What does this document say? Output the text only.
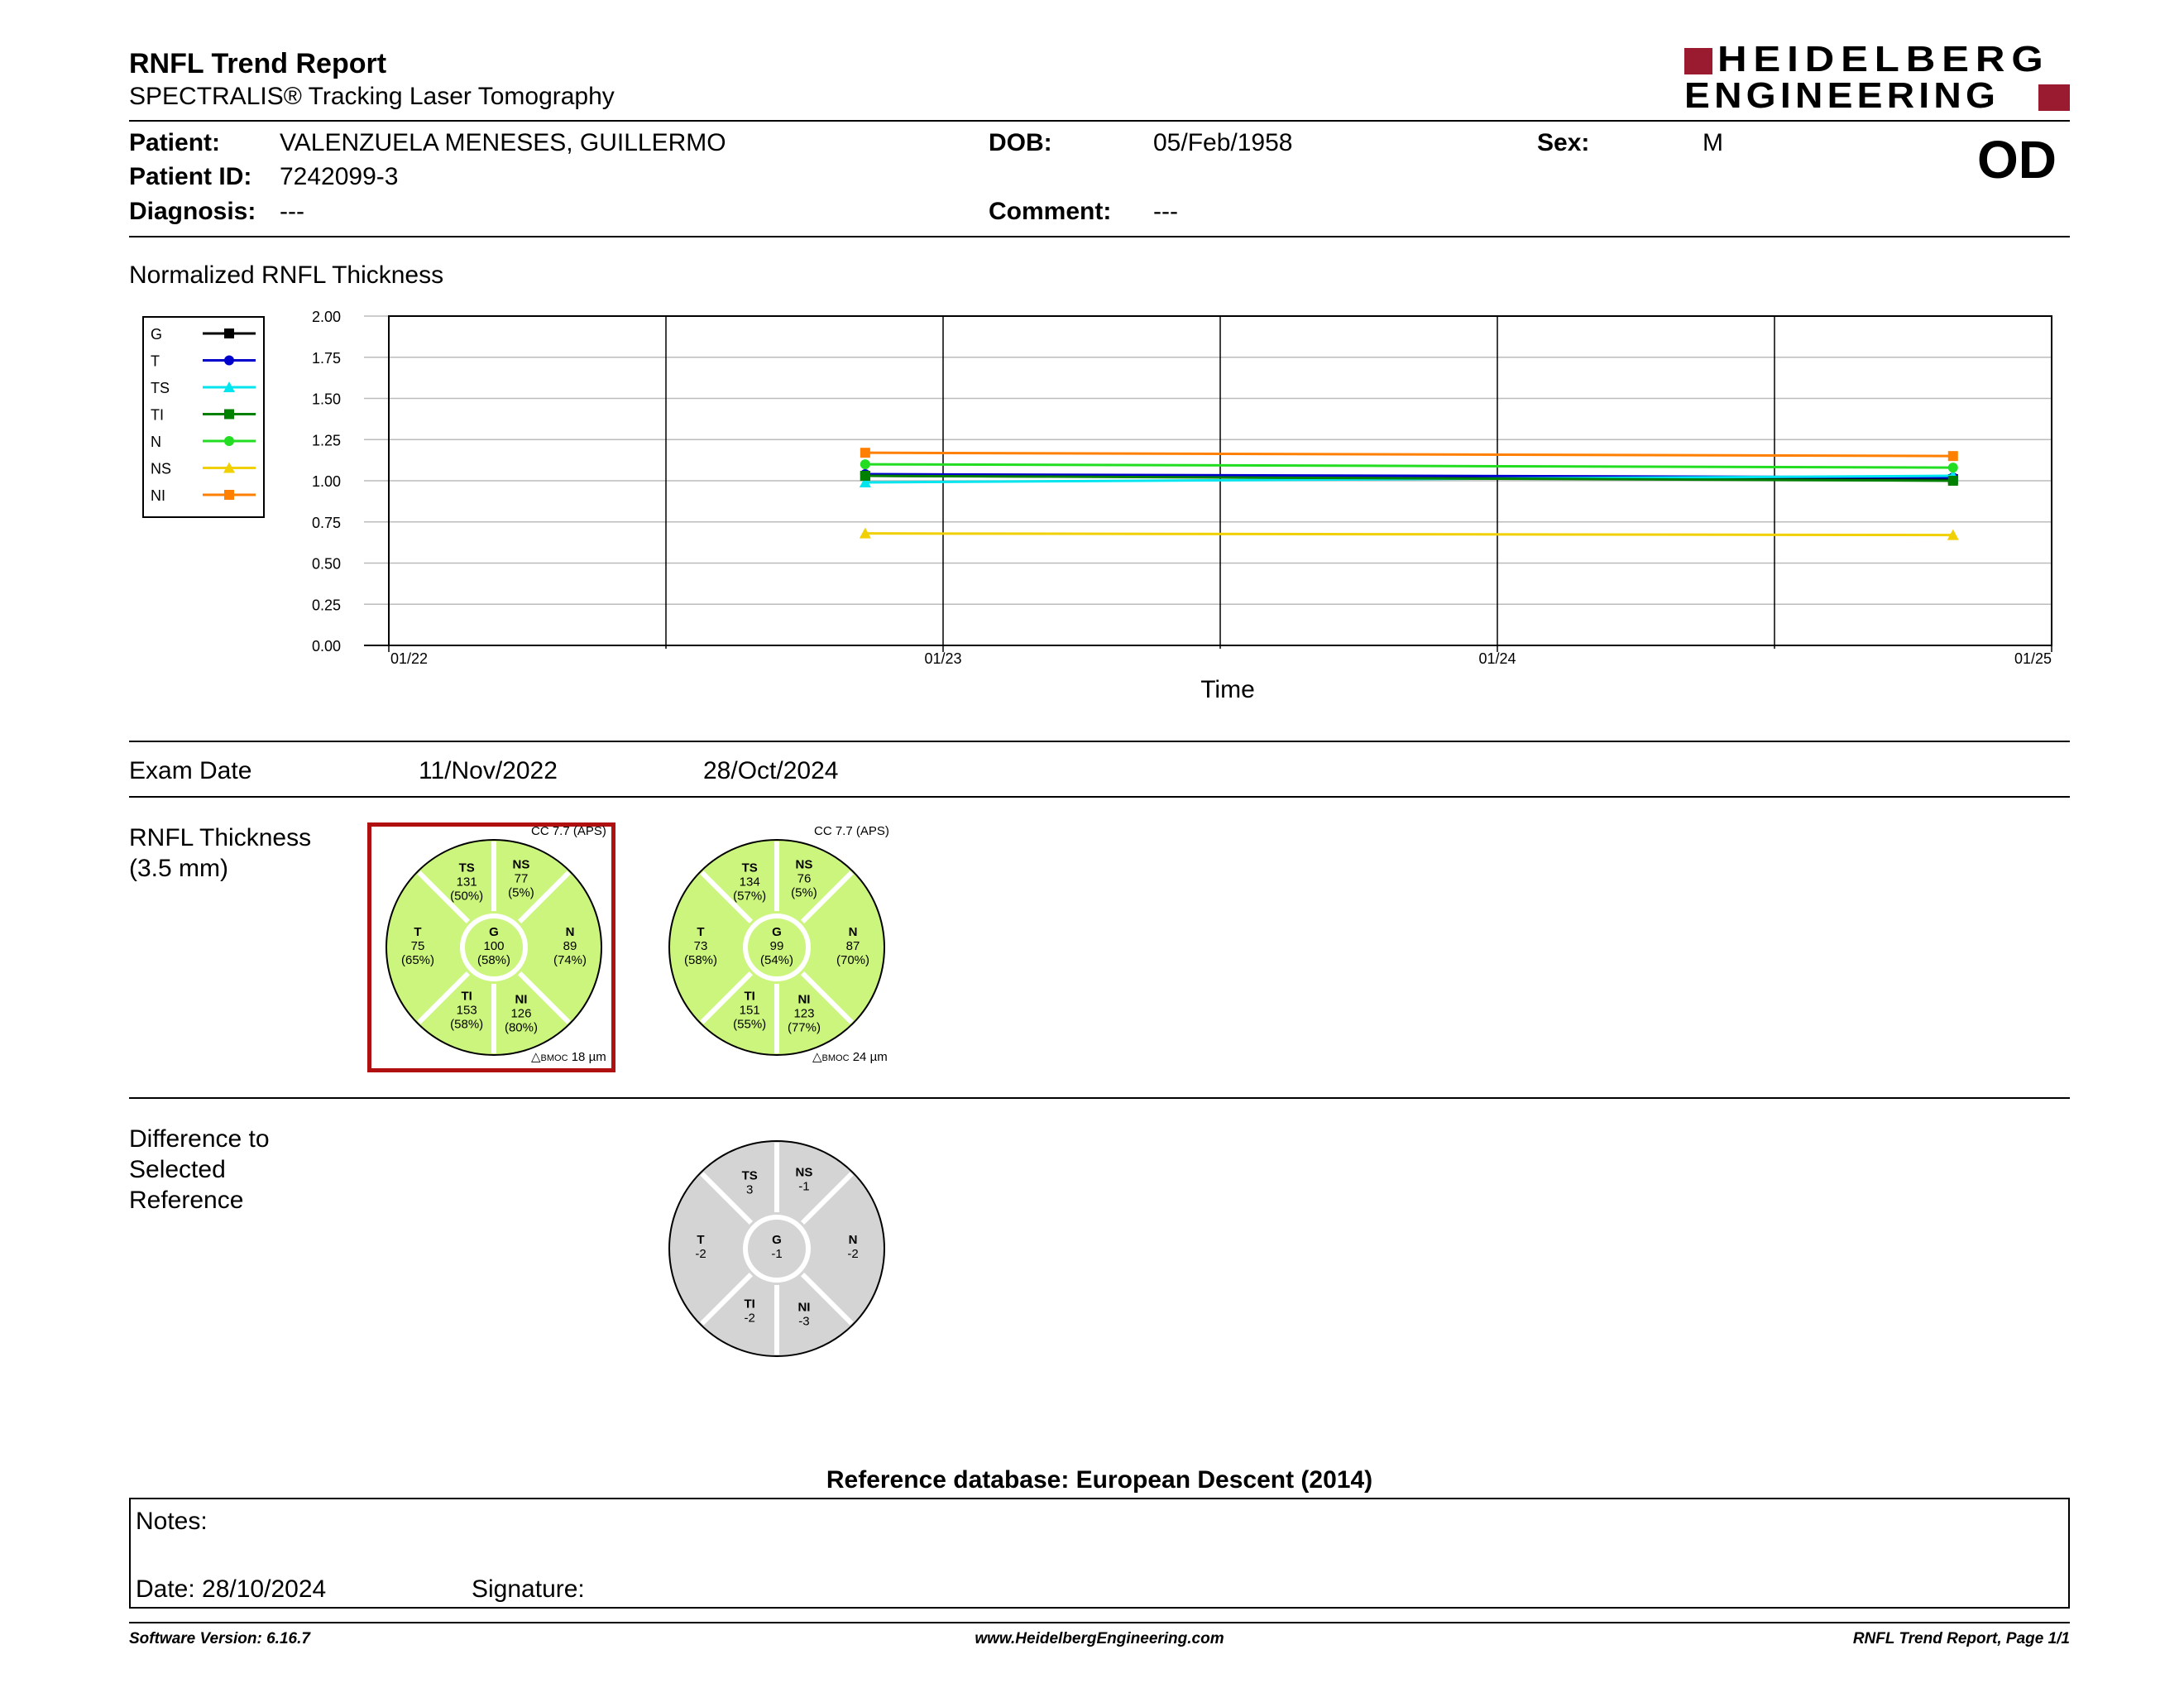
RNFL Trend Report
SPECTRALIS® Tracking Laser Tomography
HEIDELBERG
ENGINEERING
Patient: VALENZUELA MENESES, GUILLERMO
Patient ID: 7242099-3
Diagnosis: ---
DOB:	05/Feb/1958
Comment: ---
Sex:	M	OD
Normalized RNFL Thickness
0.00
0.25
0.50
0.75
1.00
1.25
1.50
1.75
2.00
01/22	01/23	01/24	01/25
G
T
TS
TI
N
NS
NI
Time
Exam Date	11/Nov/2022	28/Oct/2024
RNFL Thickness
(3.5 mm)
CC 7.7 (APS)
TS
131
(50%)
NS
77
(5%)
T
75
(65%)
G
100
(58%)
N
89
(74%)
TI
153
(58%)
NI
126
(80%)
△BMOC 18 µm
CC 7.7 (APS)
TS
134
(57%)
NS
76
(5%)
T
73
(58%)
G
99
(54%)
N
87
(70%)
TI
151
(55%)
NI
123
(77%)
△BMOC 24 µm
Difference to
Selected
Reference
TS
3
NS
-1
T
-2
G
-1
N
-2
TI
-2
NI
-3
Reference database: European Descent (2014)
Notes:
Date: 28/10/2024	Signature:
Software Version: 6.16.7	www.HeidelbergEngineering.com	RNFL Trend Report, Page 1/1
